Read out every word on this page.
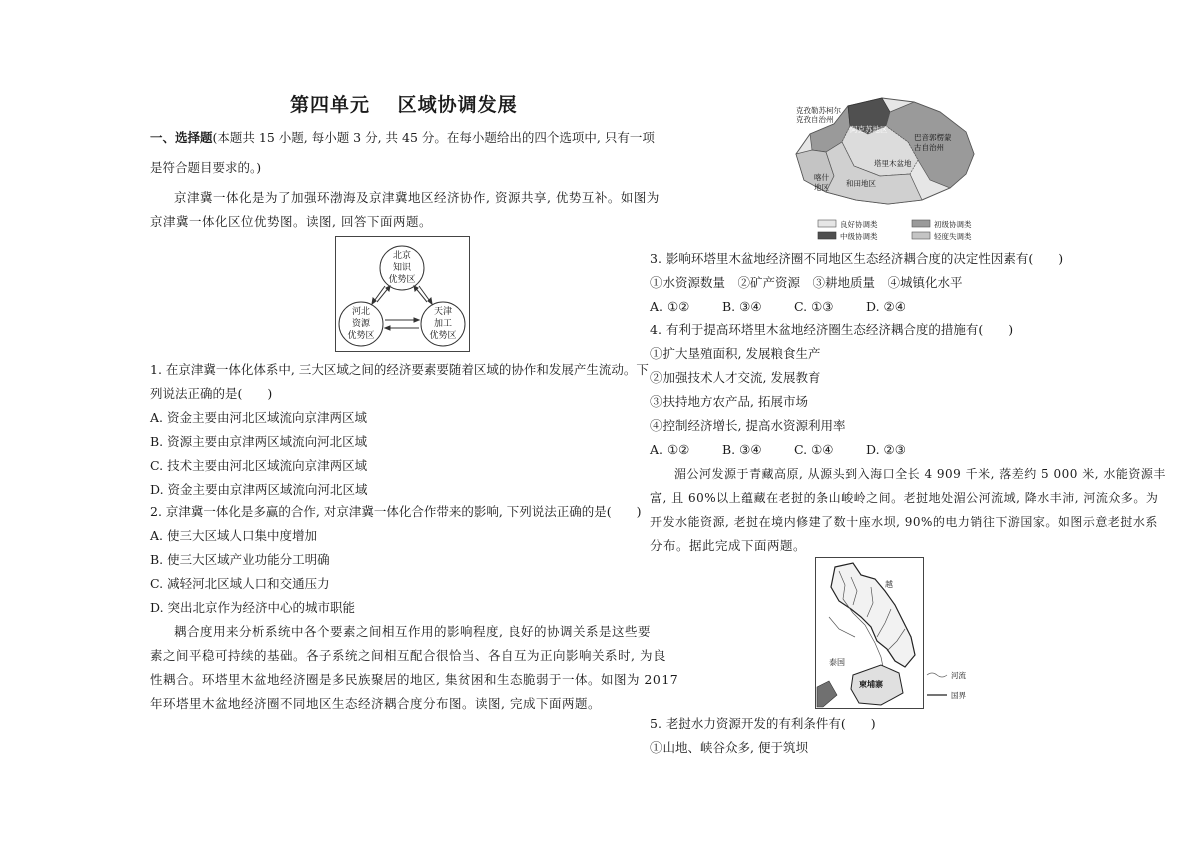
第四单元　 区域协调发展
一、选择题(本题共 15 小题, 每小题 3 分, 共 45 分。在每小题给出的四个选项中, 只有一项
是符合题目要求的。)
京津冀一体化是为了加强环渤海及京津冀地区经济协作, 资源共享, 优势互补。如图为
京津冀一体化区位优势图。读图, 回答下面两题。
北京
知识
优势区
河北
资源
优势区
天津
加工
优势区
1. 在京津冀一体化体系中, 三大区域之间的经济要素要随着区域的协作和发展产生流动。下
列说法正确的是(　　)
A. 资金主要由河北区域流向京津两区域
B. 资源主要由京津两区域流向河北区域
C. 技术主要由河北区域流向京津两区域
D. 资金主要由京津两区域流向河北区域
2. 京津冀一体化是多赢的合作, 对京津冀一体化合作带来的影响, 下列说法正确的是(　　)
A. 使三大区域人口集中度增加
B. 使三大区域产业功能分工明确
C. 减轻河北区域人口和交通压力
D. 突出北京作为经济中心的城市职能
耦合度用来分析系统中各个要素之间相互作用的影响程度, 良好的协调关系是这些要
素之间平稳可持续的基础。各子系统之间相互配合很恰当、各自互为正向影响关系时, 为良
性耦合。环塔里木盆地经济圈是多民族聚居的地区, 集贫困和生态脆弱于一体。如图为 2017
年环塔里木盆地经济圈不同地区生态经济耦合度分布图。读图, 完成下面两题。
克孜勒苏柯尔
克孜自治州
阿克苏地区
巴音郭楞蒙
古自治州
塔里木盆地
喀什
地区 和田地区
良好协调类
中级协调类
初级协调类
轻度失调类
3. 影响环塔里木盆地经济圈不同地区生态经济耦合度的决定性因素有(　　)
①水资源数量　②矿产资源　③耕地质量　④城镇化水平
A. ①②	B. ③④	C. ①③	D. ②④
4. 有利于提高环塔里木盆地经济圈生态经济耦合度的措施有(　　)
①扩大垦殖面积, 发展粮食生产
②加强技术人才交流, 发展教育
③扶持地方农产品, 拓展市场
④控制经济增长, 提高水资源利用率
A. ①②	B. ③④	C. ①④	D. ②③
湄公河发源于青藏高原, 从源头到入海口全长 4 909 千米, 落差约 5 000 米, 水能资源丰
富, 且 60%以上蕴藏在老挝的条山峻岭之间。老挝地处湄公河流域, 降水丰沛, 河流众多。为
开发水能资源, 老挝在境内修建了数十座水坝, 90%的电力销往下游国家。如图示意老挝水系
分布。据此完成下面两题。
越
泰国
柬埔寨
河流
国界
5. 老挝水力资源开发的有利条件有(　　)
①山地、峡谷众多, 便于筑坝
